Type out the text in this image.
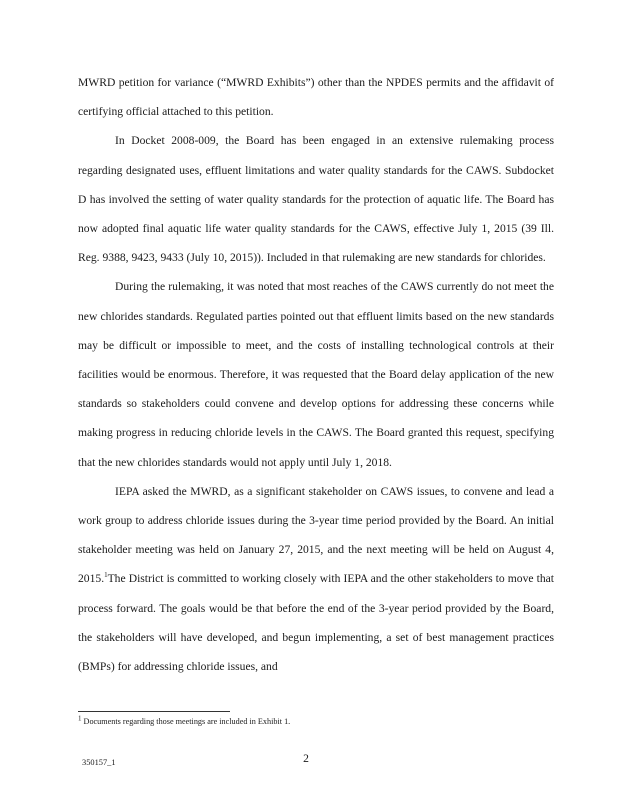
MWRD petition for variance (“MWRD Exhibits”) other than the NPDES permits and the affidavit of certifying official attached to this petition.

In Docket 2008-009, the Board has been engaged in an extensive rulemaking process regarding designated uses, effluent limitations and water quality standards for the CAWS. Subdocket D has involved the setting of water quality standards for the protection of aquatic life. The Board has now adopted final aquatic life water quality standards for the CAWS, effective July 1, 2015 (39 Ill. Reg. 9388, 9423, 9433 (July 10, 2015)). Included in that rulemaking are new standards for chlorides.

During the rulemaking, it was noted that most reaches of the CAWS currently do not meet the new chlorides standards. Regulated parties pointed out that effluent limits based on the new standards may be difficult or impossible to meet, and the costs of installing technological controls at their facilities would be enormous. Therefore, it was requested that the Board delay application of the new standards so stakeholders could convene and develop options for addressing these concerns while making progress in reducing chloride levels in the CAWS. The Board granted this request, specifying that the new chlorides standards would not apply until July 1, 2018.

IEPA asked the MWRD, as a significant stakeholder on CAWS issues, to convene and lead a work group to address chloride issues during the 3-year time period provided by the Board. An initial stakeholder meeting was held on January 27, 2015, and the next meeting will be held on August 4, 2015.$^1$The District is committed to working closely with IEPA and the other stakeholders to move that process forward. The goals would be that before the end of the 3-year period provided by the Board, the stakeholders will have developed, and begun implementing, a set of best management practices (BMPs) for addressing chloride issues, and

$^1$ Documents regarding those meetings are included in Exhibit 1.
350157_1	2
